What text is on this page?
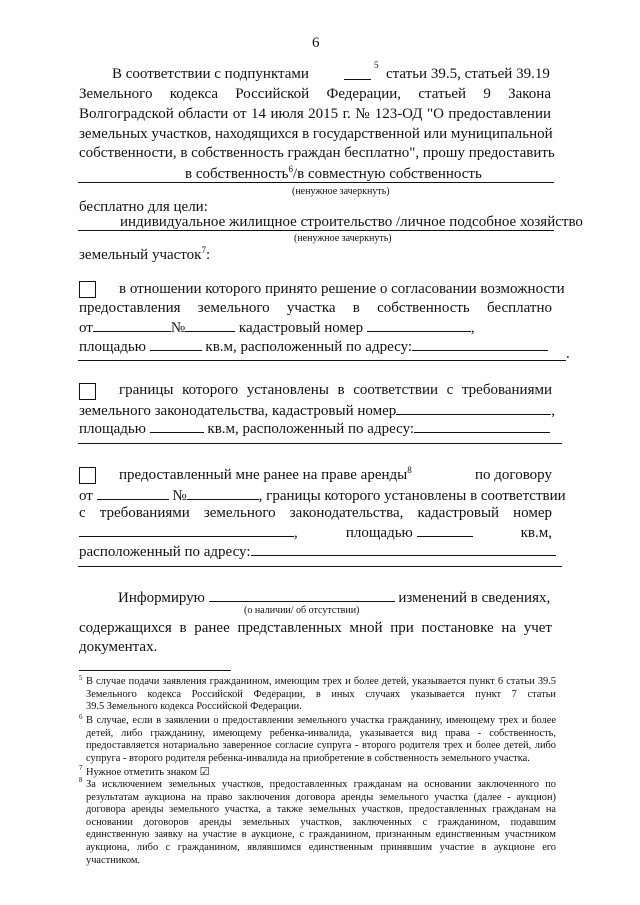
6
В соответствии с подпунктами
5
статьи 39.5, статьей 39.19
Земельного кодекса Российской Федерации, статьей 9 Закона
Волгоградской области от 14 июля 2015 г. № 123-ОД "О предоставлении
земельных участков, находящихся в государственной или муниципальной
собственности, в собственность граждан бесплатно", прошу предоставить
в собственность$^6$/в совместную собственность
(ненужное зачеркнуть)
бесплатно для цели:
индивидуальное жилищное строительство /личное подсобное хозяйство
(ненужное зачеркнуть)
земельный участок$^7$:
в отношении которого принято решение о согласовании возможности
предоставления земельного участка в собственность бесплатно
от	№	кадастровый номер	,
площадью	кв.м, расположенный по адресу:	.
границы которого установлены в соответствии с требованиями
земельного законодательства, кадастровый номер	,
площадью	кв.м, расположенный по адресу:
предоставленный мне ранее на праве аренды$^8$	по договору
от	№	, границы которого установлены в соответствии
с требованиями земельного законодательства, кадастровый номер
,	площадью	кв.м,
расположенный по адресу:
Информирую	изменений в сведениях,
(о наличии/ об отсутствии)
содержащихся в ранее представленных мной при постановке на учет
документах.
5 В случае подачи заявления гражданином, имеющим трех и более детей, указывается пункт 6 статьи 39.5
Земельного кодекса Российской Федерации, в иных случаях указывается пункт 7 статьи
39.5 Земельного кодекса Российской Федерации.
6 В случае, если в заявлении о предоставлении земельного участка гражданину, имеющему трех и более
детей, либо гражданину, имеющему ребенка-инвалида, указывается вид права - собственность,
предоставляется нотариально заверенное согласие супруга - второго родителя трех и более детей, либо
супруга - второго родителя ребенка-инвалида на приобретение в собственность земельного участка.
7 Нужное отметить знаком ☑
8 За исключением земельных участков, предоставленных гражданам на основании заключенного по
результатам аукциона на право заключения договора аренды земельного участка (далее - аукцион)
договора аренды земельного участка, а также земельных участков, предоставленных гражданам на
основании договоров аренды земельных участков, заключенных с гражданином, подавшим
единственную заявку на участие в аукционе, с гражданином, признанным единственным участником
аукциона, либо с гражданином, являвшимся единственным принявшим участие в аукционе его
участником.
